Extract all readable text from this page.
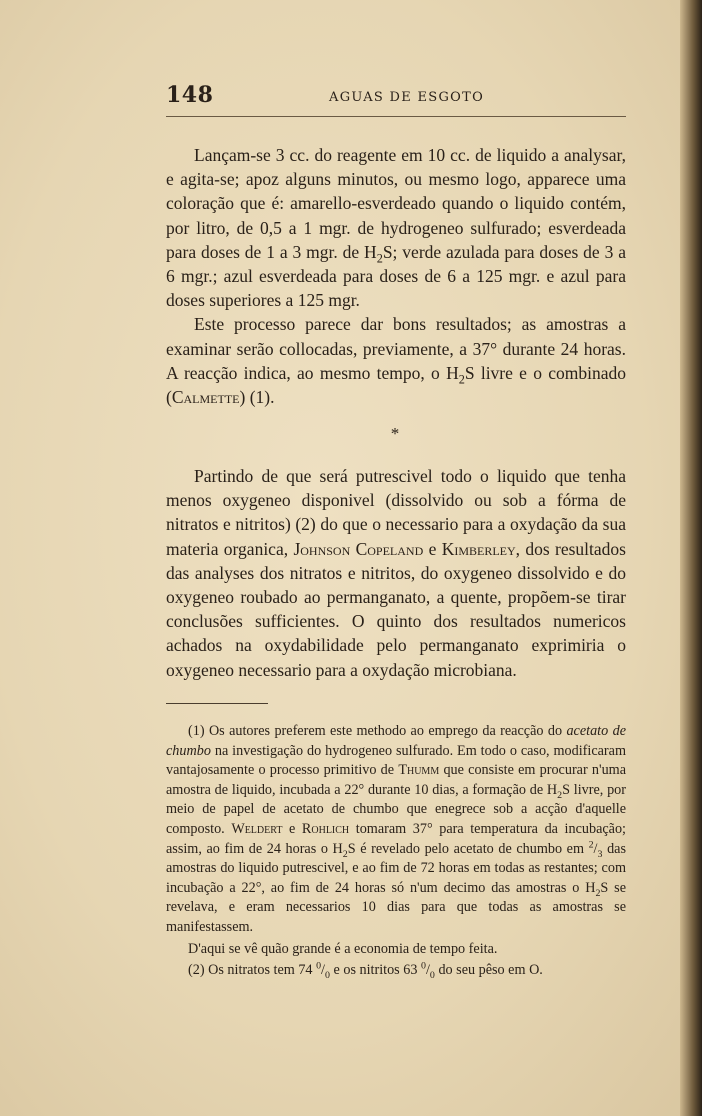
148	AGUAS DE ESGOTO

Lançam-se 3 cc. do reagente em 10 cc. de liquido a analysar, e agita-se; apoz alguns minutos, ou mesmo logo, apparece uma coloração que é: amarello-esverdeado quando o liquido contém, por litro, de 0,5 a 1 mgr. de hydrogeneo sulfurado; esverdeada para doses de 1 a 3 mgr. de $H_2S$; verde azulada para doses de 3 a 6 mgr.; azul esverdeada para doses de 6 a 125 mgr. e azul para doses superiores a 125 mgr.

Este processo parece dar bons resultados; as amostras a examinar serão collocadas, previamente, a 37° durante 24 horas. A reacção indica, ao mesmo tempo, o $H_2S$ livre e o combinado (Calmette) (1).

*

Partindo de que será putrescivel todo o liquido que tenha menos oxygeneo disponivel (dissolvido ou sob a fórma de nitratos e nitritos) (2) do que o necessario para a oxydação da sua materia organica, Johnson Copeland e Kimberley, dos resultados das analyses dos nitratos e nitritos, do oxygeneo dissolvido e do oxygeneo roubado ao permanganato, a quente, propõem-se tirar conclusões sufficientes. O quinto dos resultados numericos achados na oxydabilidade pelo permanganato exprimiria o oxygeneo necessario para a oxydação microbiana.

(1) Os autores preferem este methodo ao emprego da reacção do acetato de chumbo na investigação do hydrogeneo sulfurado. Em todo o caso, modificaram vantajosamente o processo primitivo de Thumm que consiste em procurar n'uma amostra de liquido, incubada a 22° durante 10 dias, a formação de $H_2S$ livre, por meio de papel de acetato de chumbo que enegrece sob a acção d'aquelle composto. Weldert e Rohlich tomaram 37° para temperatura da incubação; assim, ao fim de 24 horas o $H_2S$ é revelado pelo acetato de chumbo em $^2/_3$ das amostras do liquido putrescivel, e ao fim de 72 horas em todas as restantes; com incubação a 22°, ao fim de 24 horas só n'um decimo das amostras o $H_2S$ se revelava, e eram necessarios 10 dias para que todas as amostras se manifestassem.

D'aqui se vê quão grande é a economia de tempo feita.

(2) Os nitratos tem 74 $^0/_0$ e os nitritos 63 $^0/_0$ do seu pêso em O.
